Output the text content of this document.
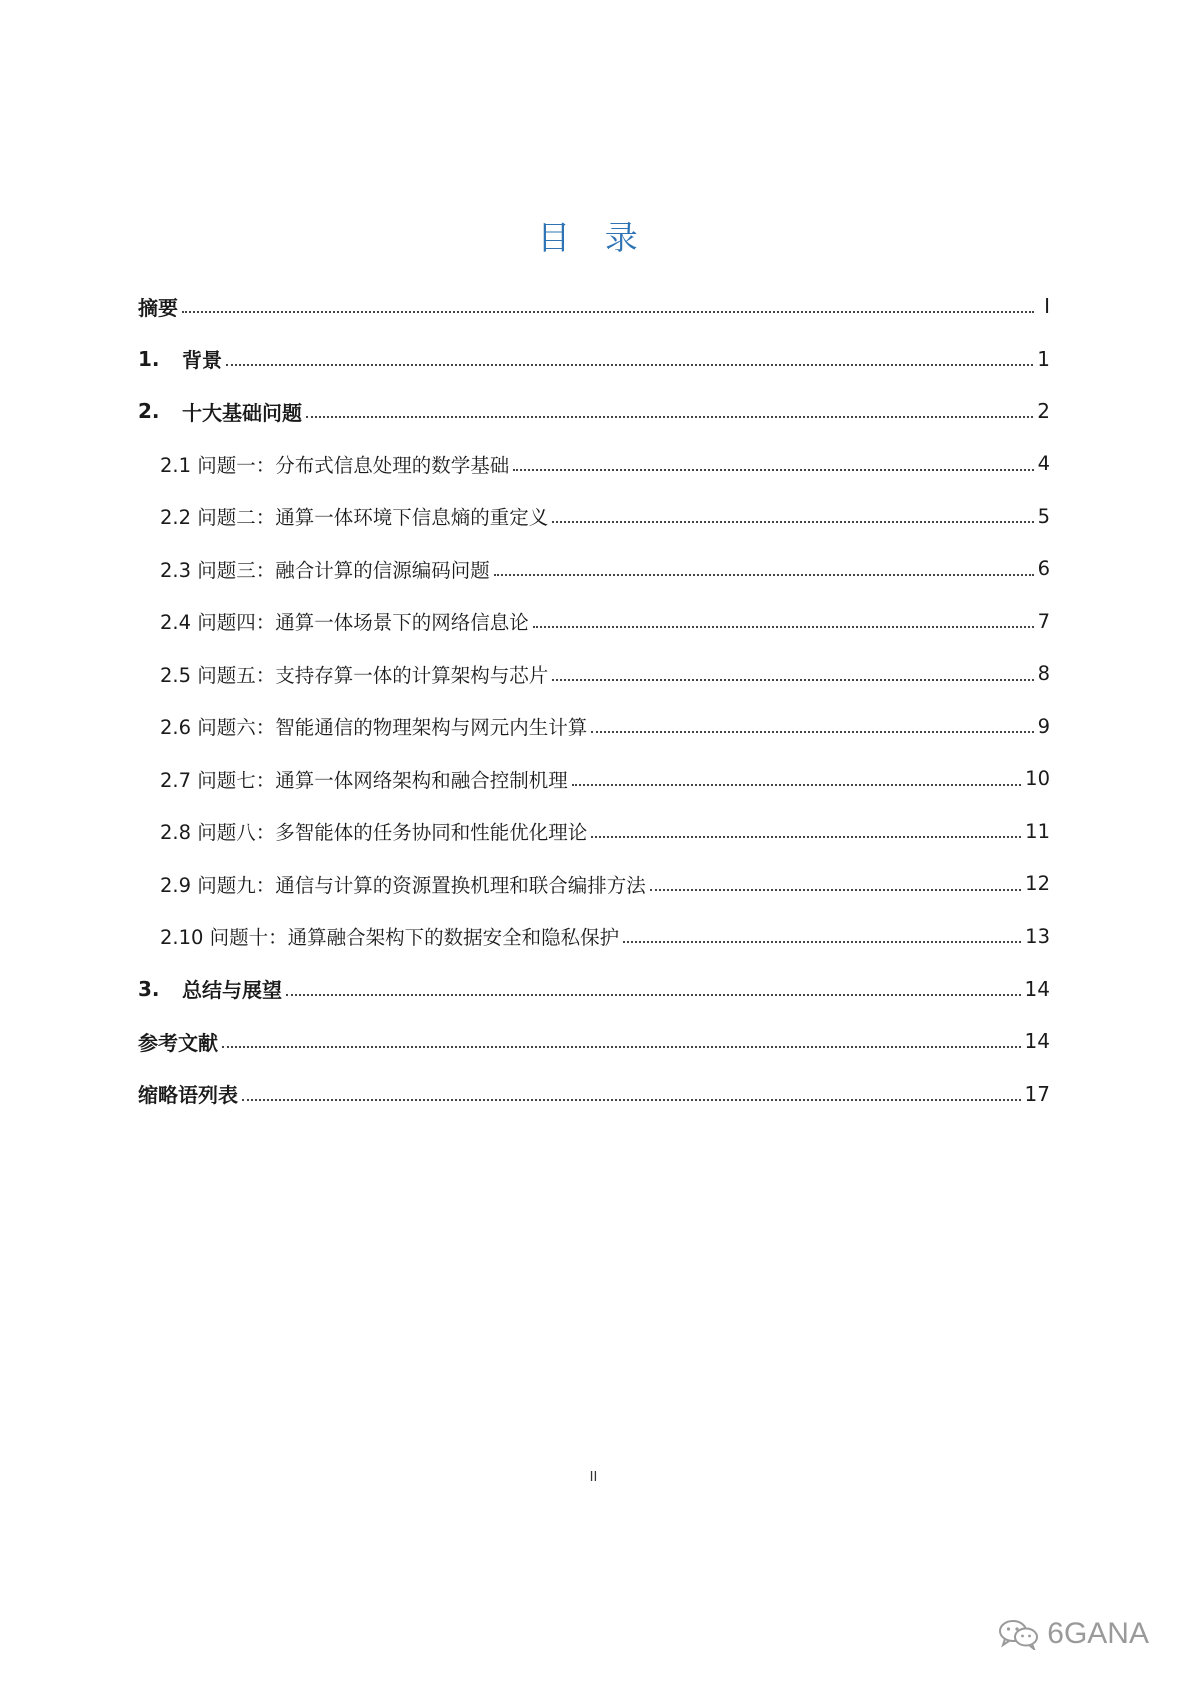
目 录
摘要	I
1.	背景	1
2.	十大基础问题	2
2.1 问题一：分布式信息处理的数学基础	4
2.2 问题二：通算一体环境下信息熵的重定义	5
2.3 问题三：融合计算的信源编码问题	6
2.4 问题四：通算一体场景下的网络信息论	7
2.5 问题五：支持存算一体的计算架构与芯片	8
2.6 问题六：智能通信的物理架构与网元内生计算	9
2.7 问题七：通算一体网络架构和融合控制机理	10
2.8 问题八：多智能体的任务协同和性能优化理论	11
2.9 问题九：通信与计算的资源置换机理和联合编排方法	12
2.10 问题十：通算融合架构下的数据安全和隐私保护	13
3.	总结与展望	14
参考文献	14
缩略语列表	17
II
6GANA
